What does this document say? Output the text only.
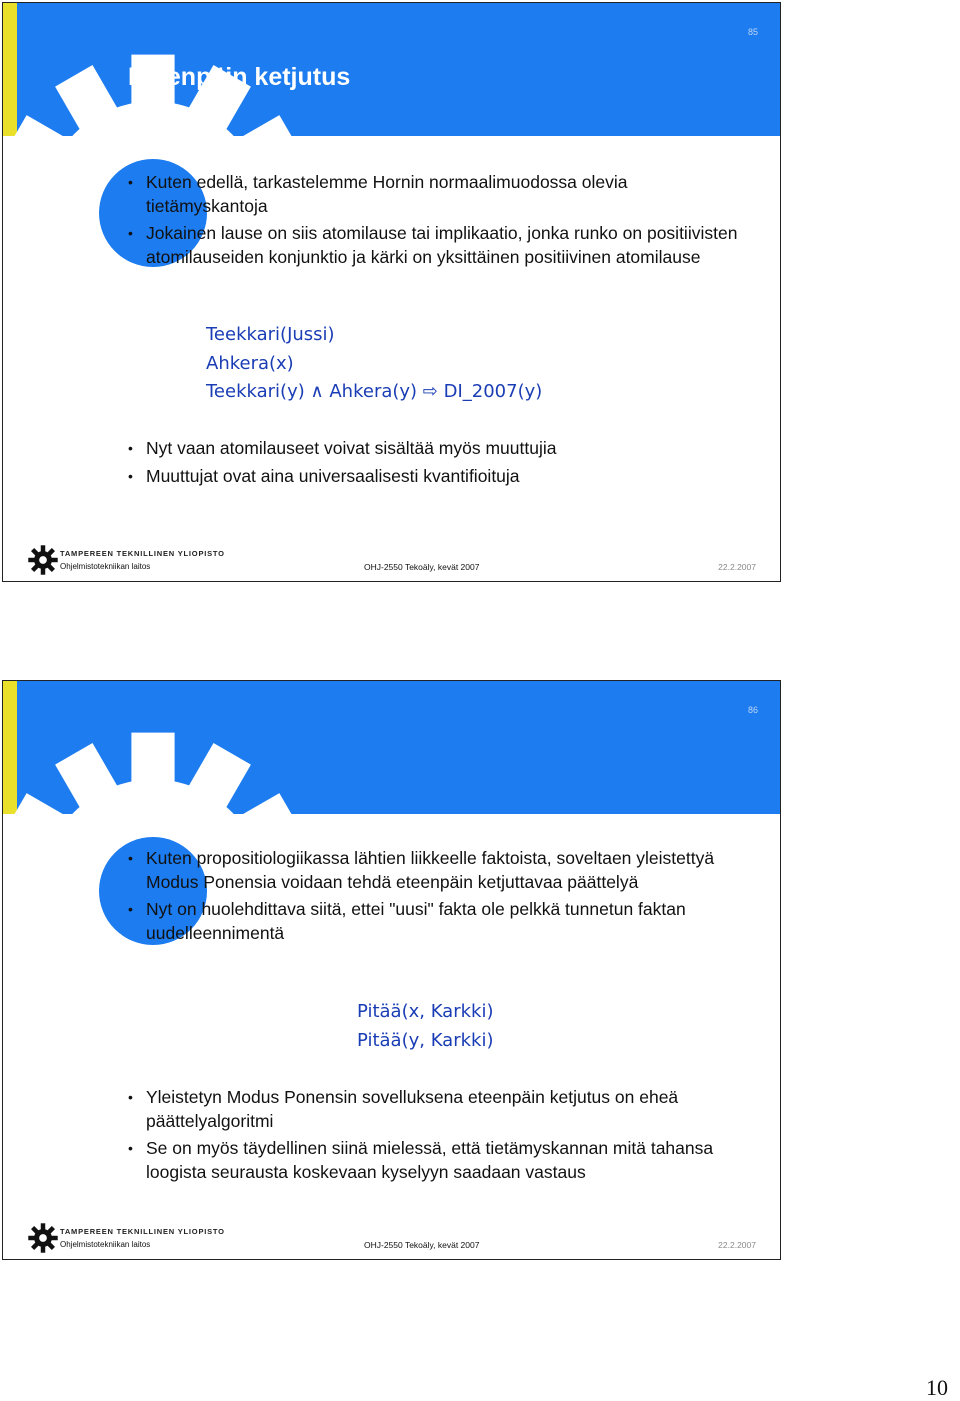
85
Eteenpäin ketjutus

• Kuten edellä, tarkastelemme Hornin normaalimuodossa olevia tietämyskantoja

• Jokainen lause on siis atomilause tai implikaatio, jonka runko on positiivisten atomilauseiden konjunktio ja kärki on yksittäinen positiivinen atomilause

Teekkari(Jussi)
Ahkera(x)
Teekkari(y) ∧ Ahkera(y) ⇨ DI_2007(y)

• Nyt vaan atomilauseet voivat sisältää myös muuttujia

• Muuttujat ovat aina universaalisesti kvantifioituja

TAMPEREEN TEKNILLINEN YLIOPISTO
Ohjelmistotekniikan laitos	OHJ-2550 Tekoäly, kevät 2007	22.2.2007
86

• Kuten propositiologiikassa lähtien liikkeelle faktoista, soveltaen yleistettyä Modus Ponensia voidaan tehdä eteenpäin ketjuttavaa päättelyä

• Nyt on huolehdittava siitä, ettei "uusi" fakta ole pelkkä tunnetun faktan uudelleennimentä

Pitää(x, Karkki)
Pitää(y, Karkki)

• Yleistetyn Modus Ponensin sovelluksena eteenpäin ketjutus on eheä päättelyalgoritmi

• Se on myös täydellinen siinä mielessä, että tietämyskannan mitä tahansa loogista seurausta koskevaan kyselyyn saadaan vastaus

TAMPEREEN TEKNILLINEN YLIOPISTO
Ohjelmistotekniikan laitos	OHJ-2550 Tekoäly, kevät 2007	22.2.2007
10
